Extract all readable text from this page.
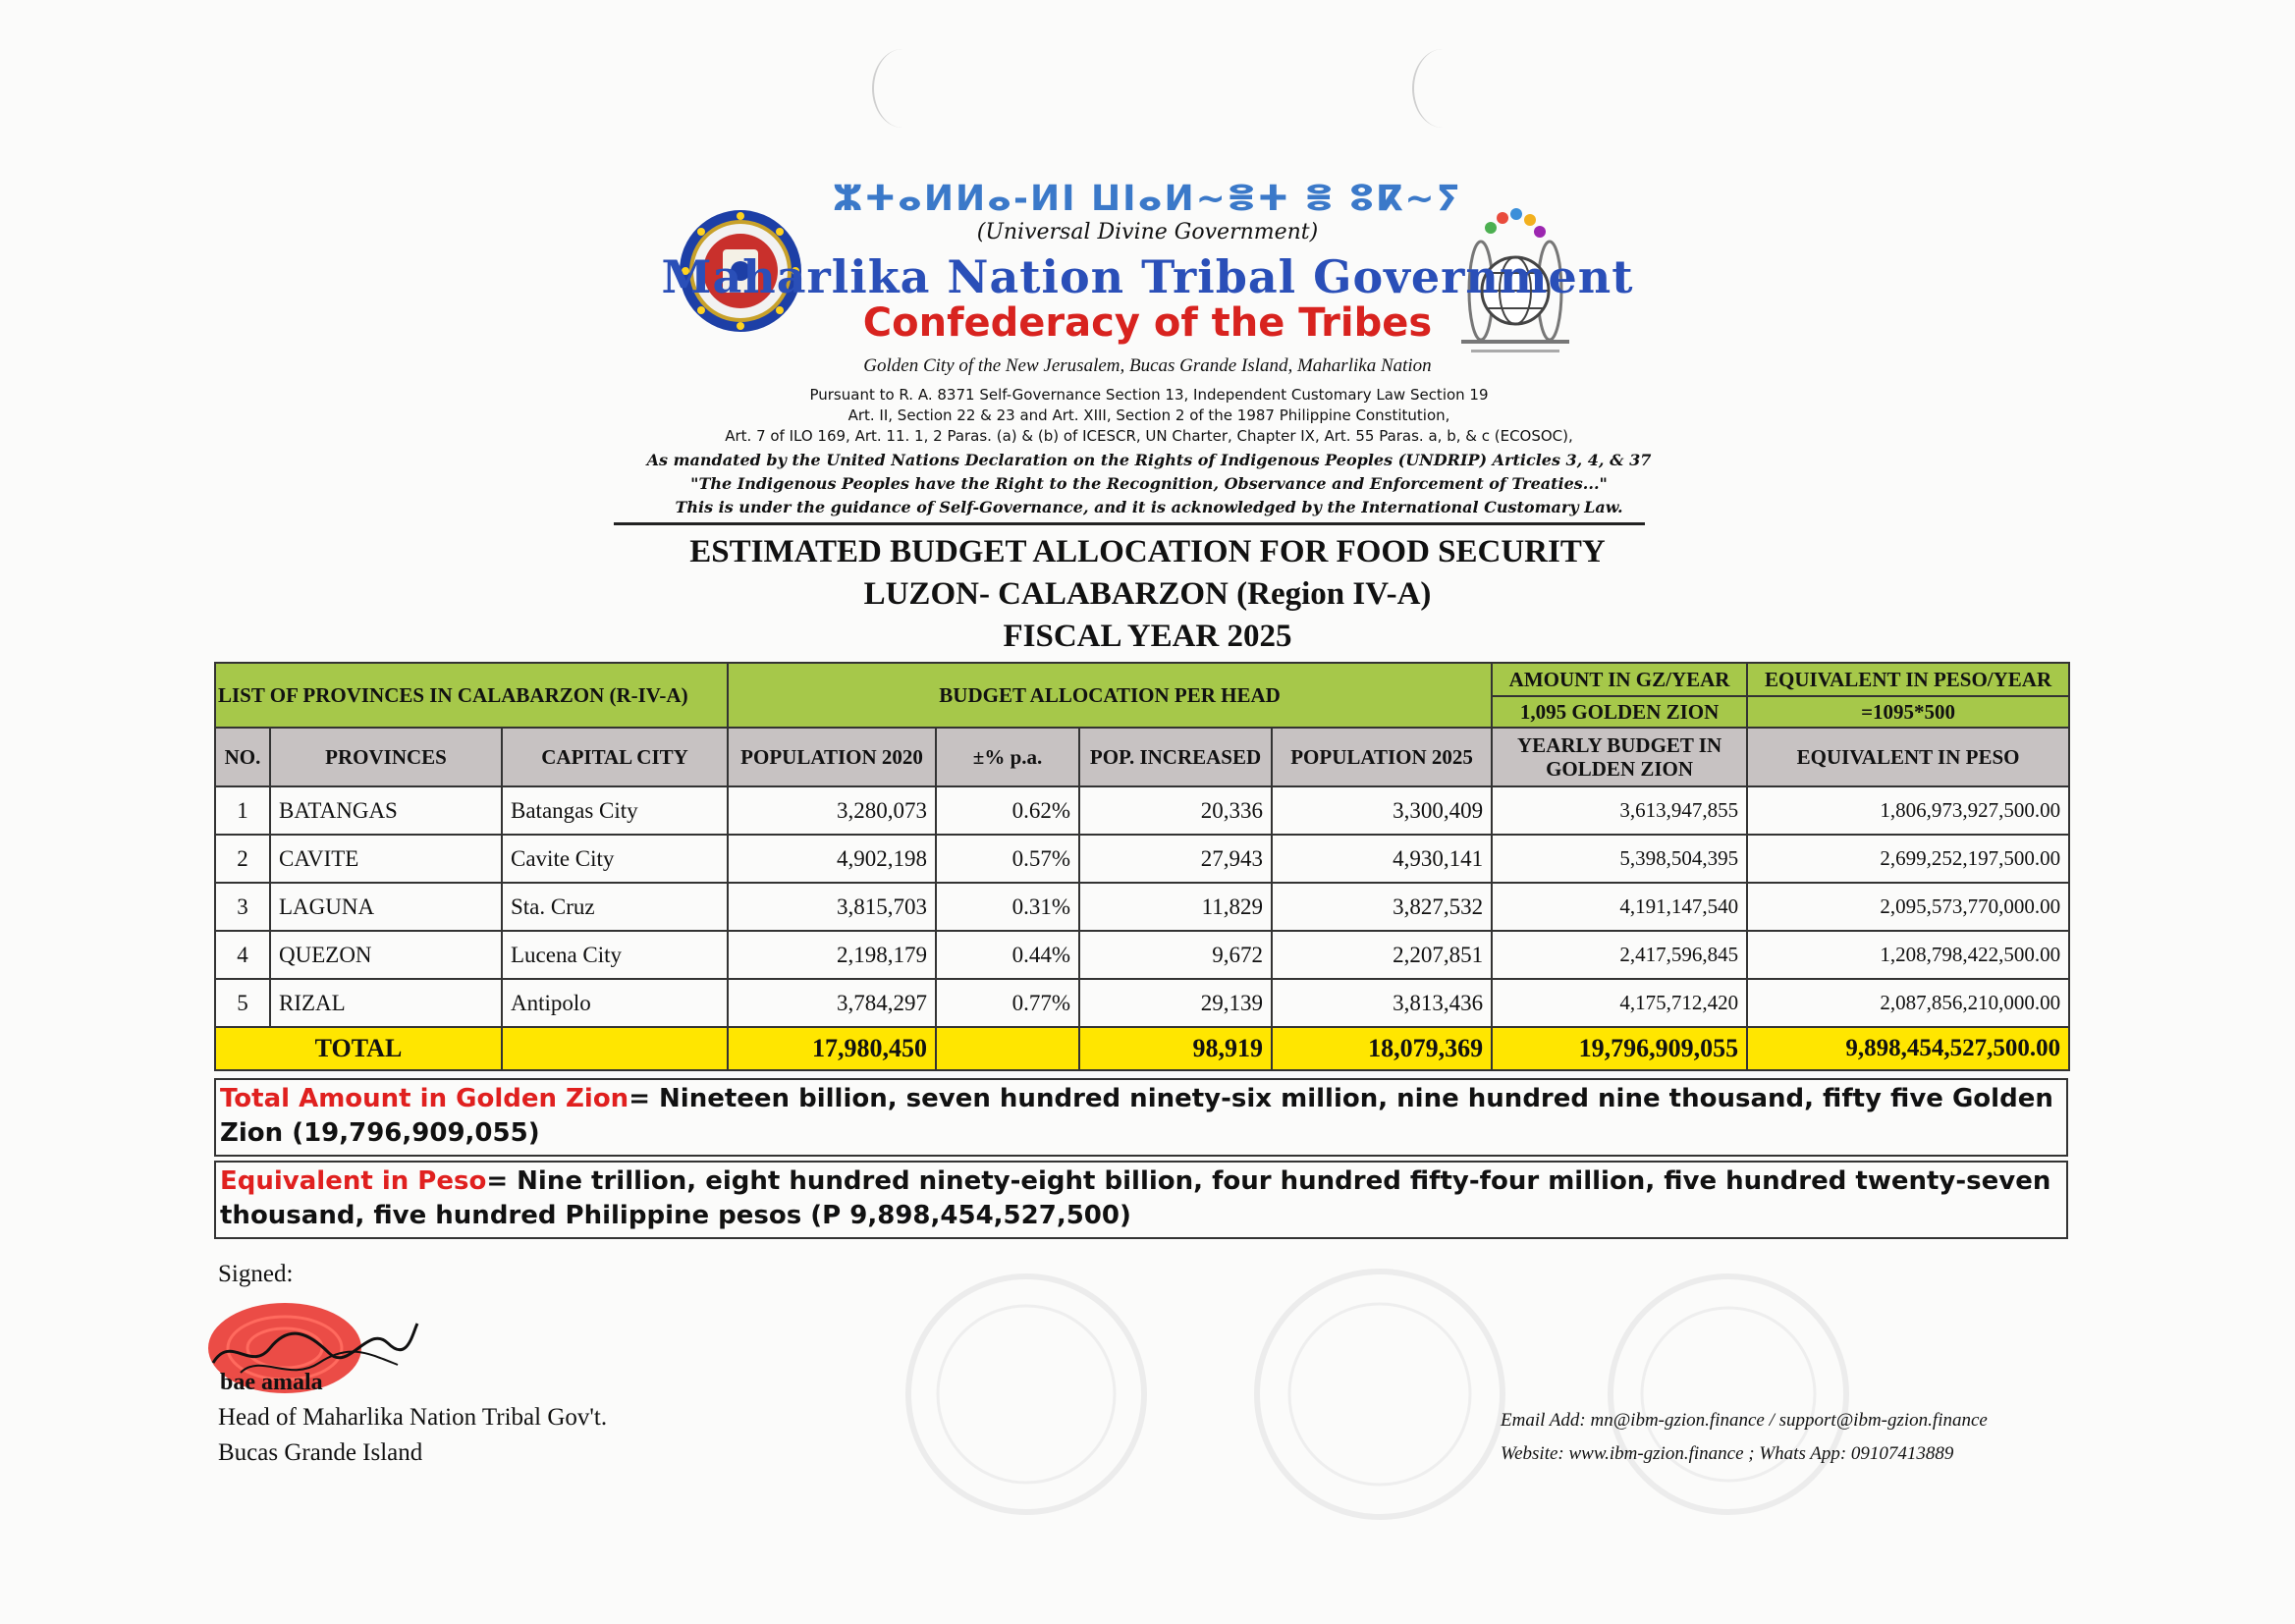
ⵣⵜⴰⵍⵍⴰ-ⵍⵏ ⵡⵏⴰⵍ~ⴻⵜ ⴻ ⵓⴽ~ⵢ
(Universal Divine Government)
Maharlika Nation Tribal Government
Confederacy of the Tribes
Golden City of the New Jerusalem, Bucas Grande Island, Maharlika Nation
Pursuant to R. A. 8371 Self-Governance Section 13, Independent Customary Law Section 19
Art. II, Section 22 & 23 and Art. XIII, Section 2 of the 1987 Philippine Constitution,
Art. 7 of ILO 169, Art. 11. 1, 2 Paras. (a) & (b) of ICESCR, UN Charter, Chapter IX, Art. 55 Paras. a, b, & c (ECOSOC),
As mandated by the United Nations Declaration on the Rights of Indigenous Peoples (UNDRIP) Articles 3, 4, & 37
"The Indigenous Peoples have the Right to the Recognition, Observance and Enforcement of Treaties..."
This is under the guidance of Self-Governance, and it is acknowledged by the International Customary Law.
ESTIMATED BUDGET ALLOCATION FOR FOOD SECURITY
LUZON- CALABARZON (Region IV-A)
FISCAL YEAR 2025
LIST OF PROVINCES IN CALABARZON (R-IV-A)			BUDGET ALLOCATION PER HEAD				AMOUNT IN GZ/YEAR	EQUIVALENT IN PESO/YEAR
							1,095 GOLDEN ZION	=1095*500
NO.	PROVINCES	CAPITAL CITY	POPULATION 2020	±% p.a.	POP. INCREASED	POPULATION 2025	YEARLY BUDGET IN GOLDEN ZION	EQUIVALENT IN PESO
1	BATANGAS	Batangas City	3,280,073	0.62%	20,336	3,300,409	3,613,947,855	1,806,973,927,500.00
2	CAVITE	Cavite City	4,902,198	0.57%	27,943	4,930,141	5,398,504,395	2,699,252,197,500.00
3	LAGUNA	Sta. Cruz	3,815,703	0.31%	11,829	3,827,532	4,191,147,540	2,095,573,770,000.00
4	QUEZON	Lucena City	2,198,179	0.44%	9,672	2,207,851	2,417,596,845	1,208,798,422,500.00
5	RIZAL	Antipolo	3,784,297	0.77%	29,139	3,813,436	4,175,712,420	2,087,856,210,000.00
TOTAL			17,980,450		98,919	18,079,369	19,796,909,055	9,898,454,527,500.00
Total Amount in Golden Zion= Nineteen billion, seven hundred ninety-six million, nine hundred nine thousand, fifty five Golden Zion (19,796,909,055)
Equivalent in Peso= Nine trillion, eight hundred ninety-eight billion, four hundred fifty-four million, five hundred twenty-seven thousand, five hundred Philippine pesos (P 9,898,454,527,500)
Signed:
bae amala
Head of Maharlika Nation Tribal Gov't.
Bucas Grande Island
Email Add: mn@ibm-gzion.finance / support@ibm-gzion.finance
Website: www.ibm-gzion.finance ; Whats App: 09107413889
